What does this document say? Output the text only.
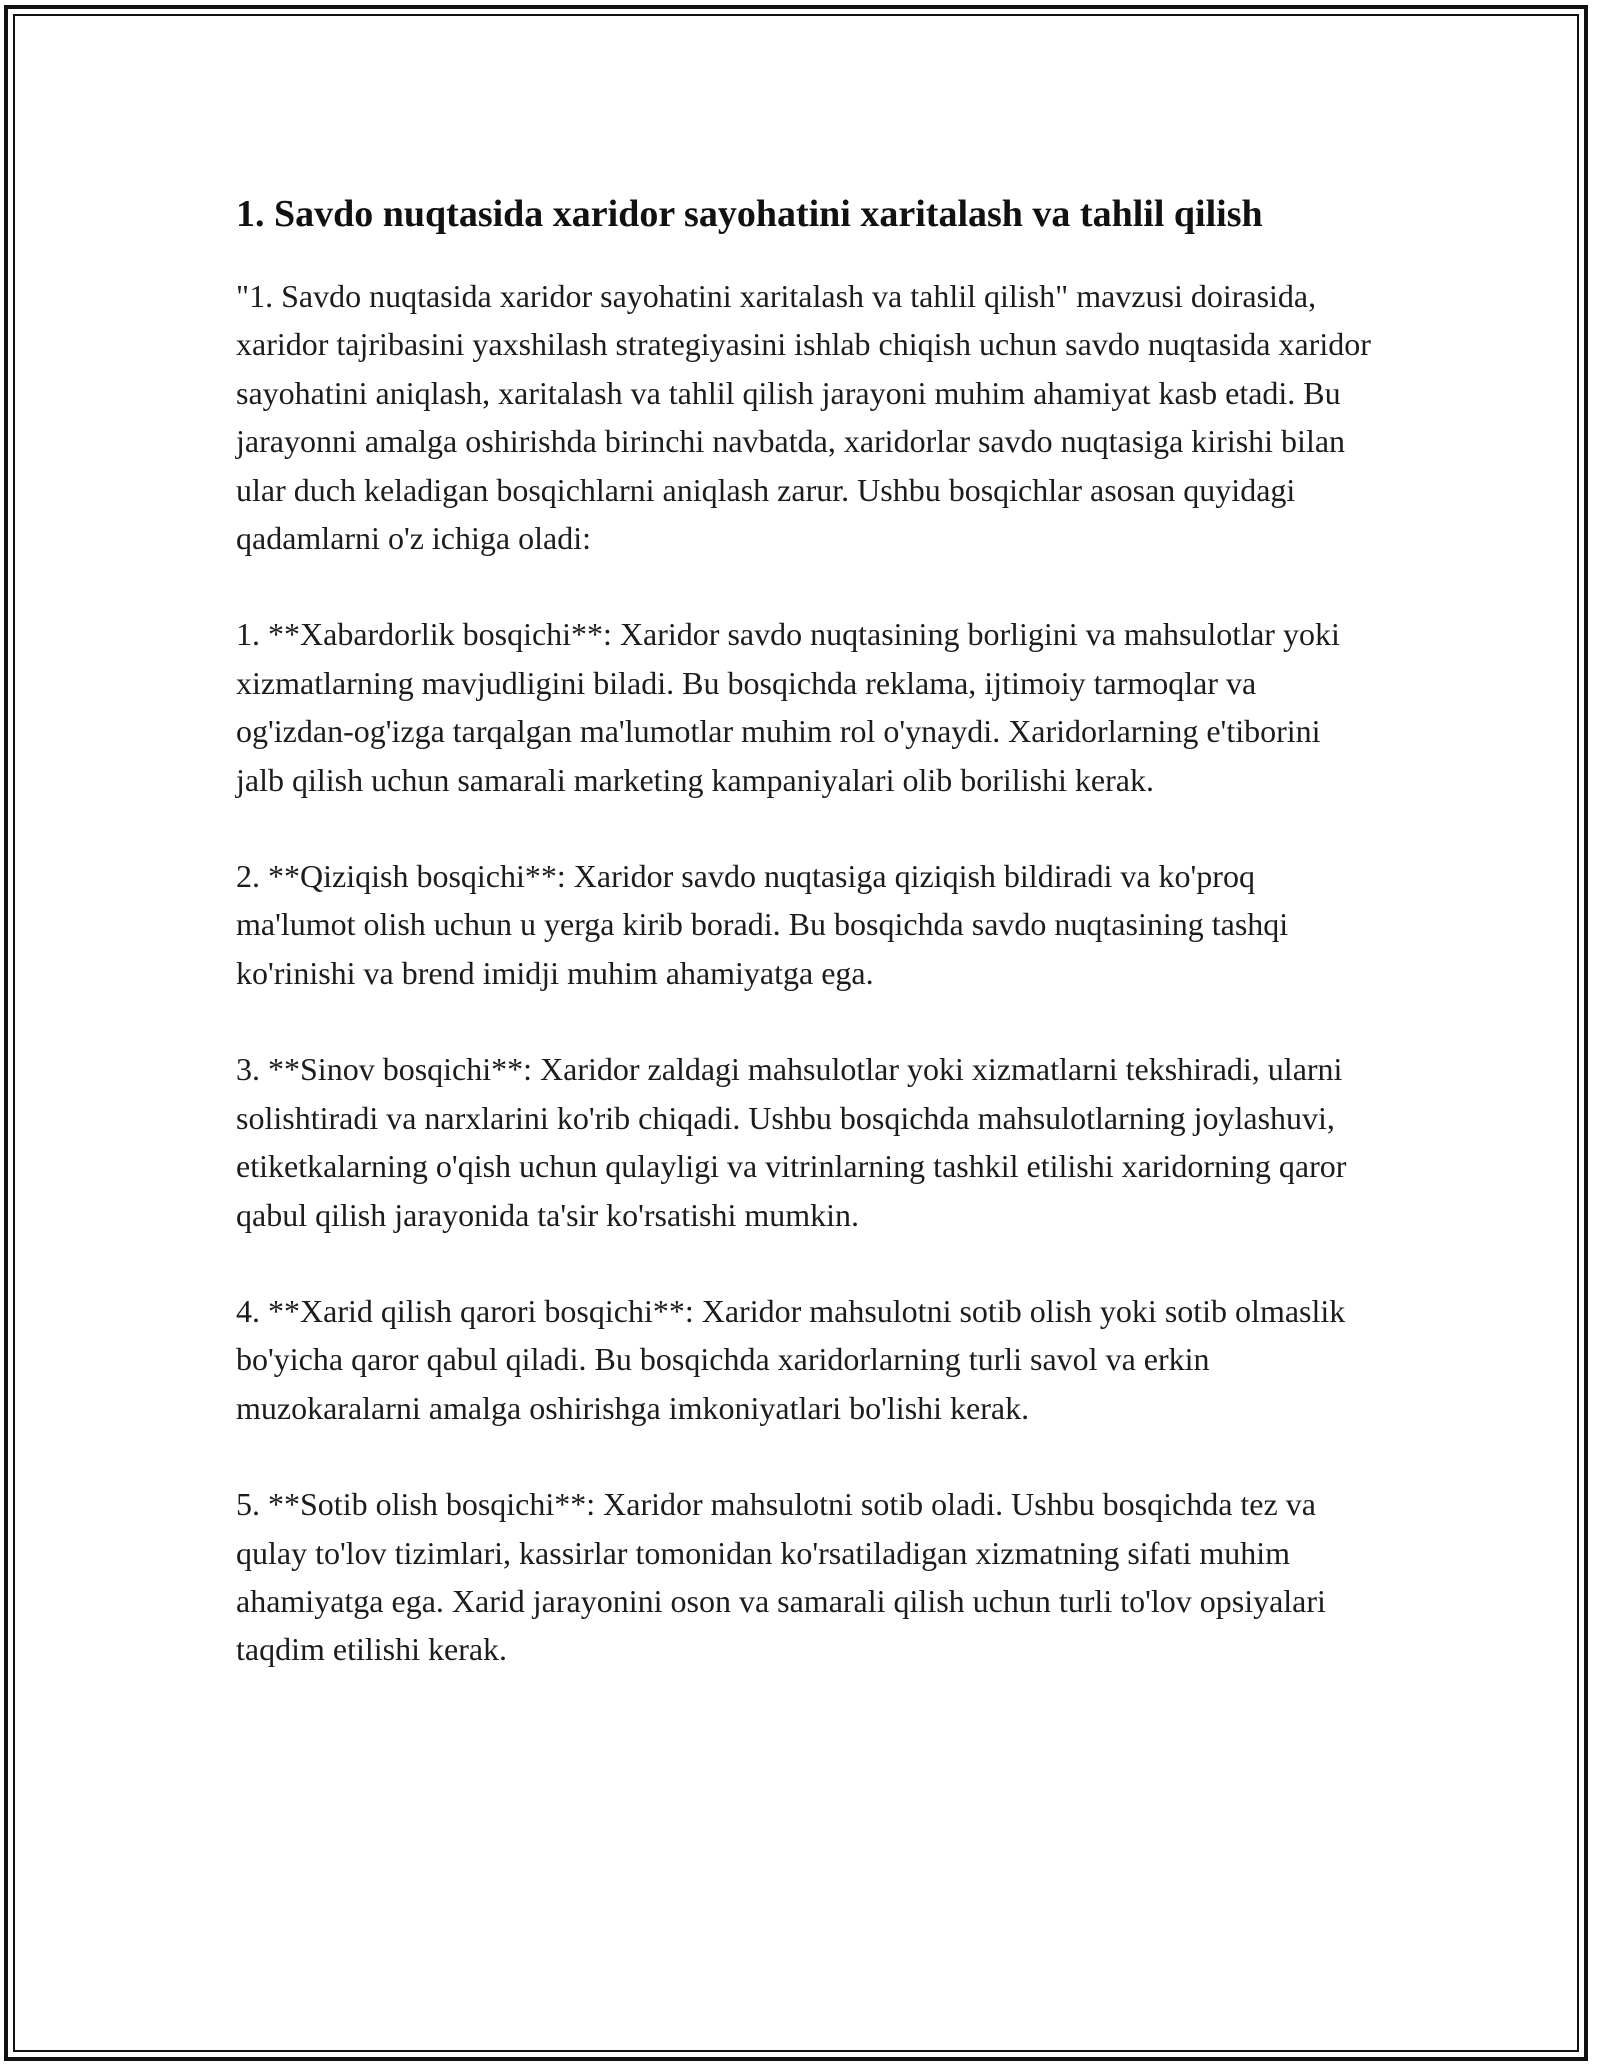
1. Savdo nuqtasida xaridor sayohatini xaritalash va tahlil qilish

"1. Savdo nuqtasida xaridor sayohatini xaritalash va tahlil qilish" mavzusi doirasida, xaridor tajribasini yaxshilash strategiyasini ishlab chiqish uchun savdo nuqtasida xaridor sayohatini aniqlash, xaritalash va tahlil qilish jarayoni muhim ahamiyat kasb etadi. Bu jarayonni amalga oshirishda birinchi navbatda, xaridorlar savdo nuqtasiga kirishi bilan ular duch keladigan bosqichlarni aniqlash zarur. Ushbu bosqichlar asosan quyidagi qadamlarni o'z ichiga oladi:

1. **Xabardorlik bosqichi**: Xaridor savdo nuqtasining borligini va mahsulotlar yoki xizmatlarning mavjudligini biladi. Bu bosqichda reklama, ijtimoiy tarmoqlar va og'izdan-og'izga tarqalgan ma'lumotlar muhim rol o'ynaydi. Xaridorlarning e'tiborini jalb qilish uchun samarali marketing kampaniyalari olib borilishi kerak.

2. **Qiziqish bosqichi**: Xaridor savdo nuqtasiga qiziqish bildiradi va ko'proq ma'lumot olish uchun u yerga kirib boradi. Bu bosqichda savdo nuqtasining tashqi ko'rinishi va brend imidji muhim ahamiyatga ega.

3. **Sinov bosqichi**: Xaridor zaldagi mahsulotlar yoki xizmatlarni tekshiradi, ularni solishtiradi va narxlarini ko'rib chiqadi. Ushbu bosqichda mahsulotlarning joylashuvi, etiketkalarning o'qish uchun qulayligi va vitrinlarning tashkil etilishi xaridorning qaror qabul qilish jarayonida ta'sir ko'rsatishi mumkin.

4. **Xarid qilish qarori bosqichi**: Xaridor mahsulotni sotib olish yoki sotib olmaslik bo'yicha qaror qabul qiladi. Bu bosqichda xaridorlarning turli savol va erkin muzokaralarni amalga oshirishga imkoniyatlari bo'lishi kerak.

5. **Sotib olish bosqichi**: Xaridor mahsulotni sotib oladi. Ushbu bosqichda tez va qulay to'lov tizimlari, kassirlar tomonidan ko'rsatiladigan xizmatning sifati muhim ahamiyatga ega. Xarid jarayonini oson va samarali qilish uchun turli to'lov opsiyalari taqdim etilishi kerak.
